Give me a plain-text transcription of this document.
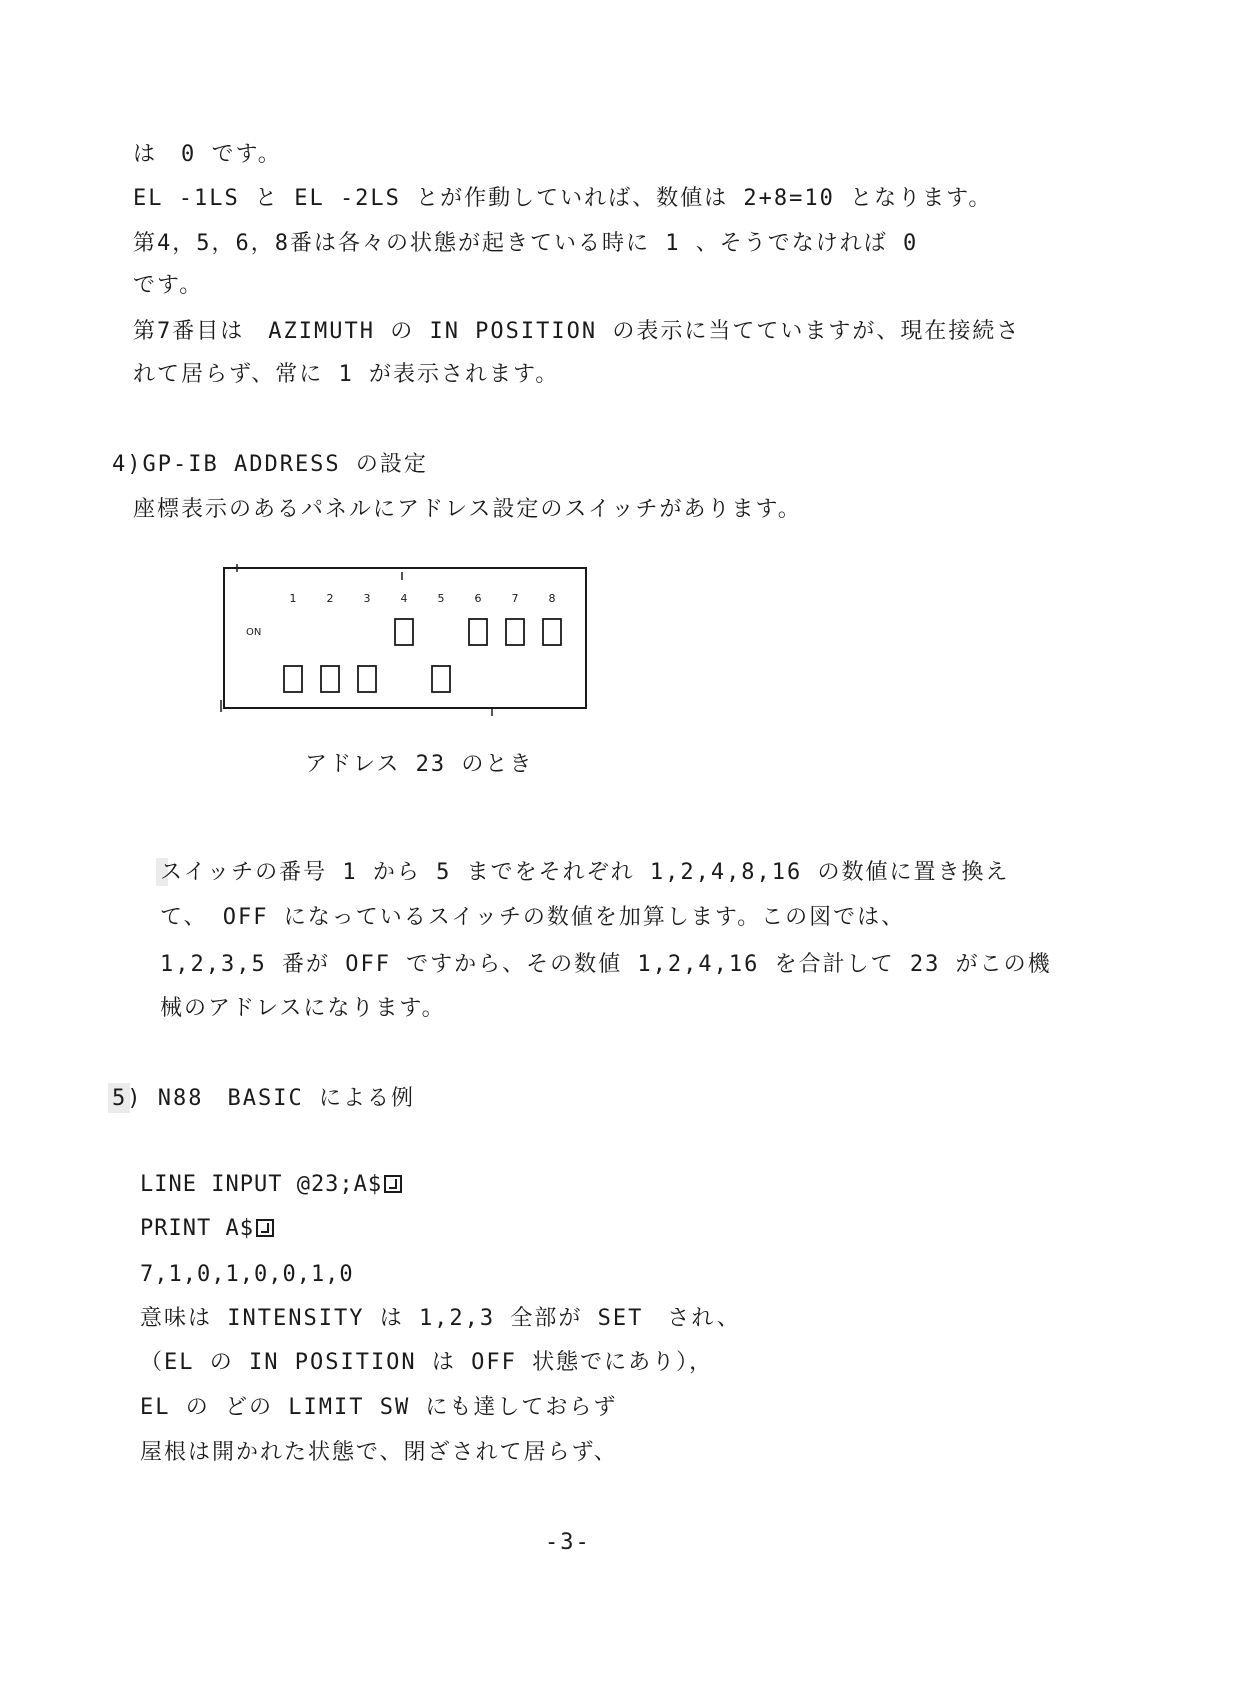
は　0 です。
EL -1LS と EL -2LS とが作動していれば、数値は 2+8=10 となります。
第4，5，6，8番は各々の状態が起きている時に 1 、そうでなければ 0
です。
第7番目は　AZIMUTH の IN POSITION の表示に当てていますが、現在接続さ
れて居らず、常に 1 が表示されます。
4)GP-IB ADDRESS の設定
座標表示のあるパネルにアドレス設定のスイッチがあります。
ON
1	2	3	4	5	6	7	8
アドレス 23 のとき
スイッチの番号 1 から 5 までをそれぞれ 1,2,4,8,16 の数値に置き換え
て、 OFF になっているスイッチの数値を加算します。この図では、
1,2,3,5 番が OFF ですから、その数値 1,2,4,16 を合計して 23 がこの機
械のアドレスになります。
5) N88　BASIC による例
LINE INPUT @23;A$
PRINT A$
7,1,0,1,0,0,1,0
意味は INTENSITY は 1,2,3 全部が SET　され、
（EL の IN POSITION は OFF 状態でにあり），
EL の どの LIMIT SW にも達しておらず
屋根は開かれた状態で、閉ざされて居らず、
-3-
